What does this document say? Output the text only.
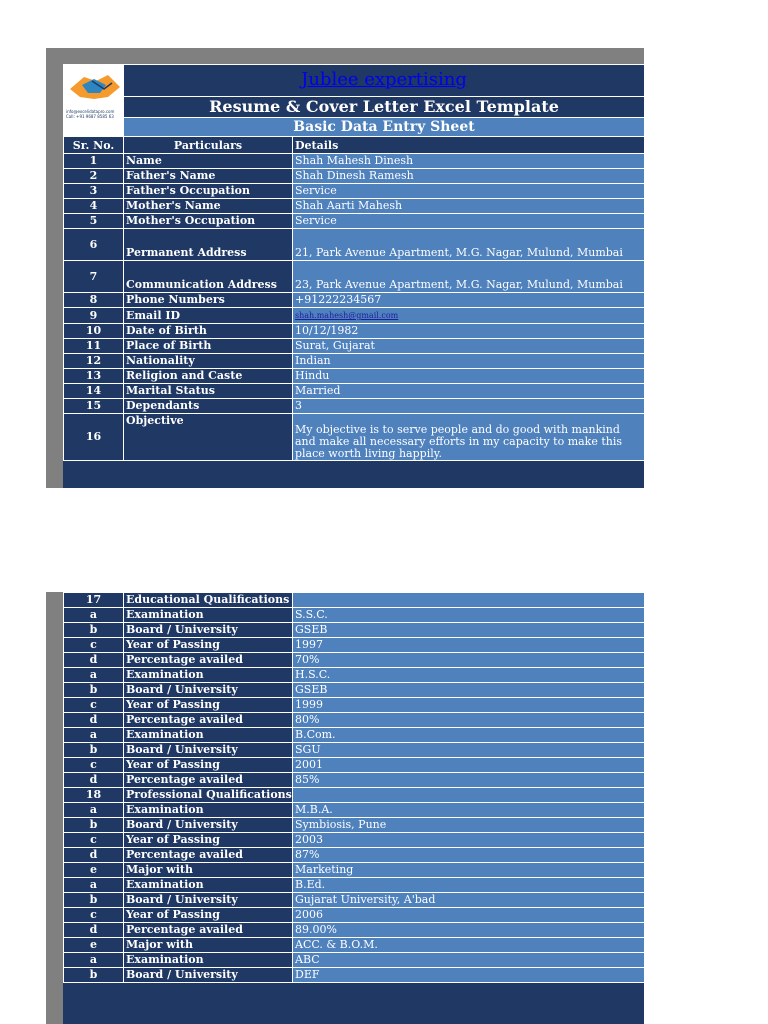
info@excelidatapro.com
Call: +91 9687 8585 63	Jublee expertising	
	Resume & Cover Letter Excel Template	
	Basic Data Entry Sheet	
Sr. No.	Particulars	Details
1	Name	Shah Mahesh Dinesh
2	Father's Name	Shah Dinesh Ramesh
3	Father's Occupation	Service
4	Mother's Name	Shah Aarti Mahesh
5	Mother's Occupation	Service
6	Permanent Address	21, Park Avenue Apartment, M.G. Nagar, Mulund, Mumbai
7	Communication Address	23, Park Avenue Apartment, M.G. Nagar, Mulund, Mumbai
8	Phone Numbers	+91222234567
9	Email ID	shah.mahesh@gmail.com
10	Date of Birth	10/12/1982
11	Place of Birth	Surat, Gujarat
12	Nationality	Indian
13	Religion and Caste	Hindu
14	Marital Status	Married
15	Dependants	3
16	Objective	My objective is to serve people and do good with mankind and make all necessary efforts in my capacity to make this place worth living happily.
17	Educational Qualifications	
a	Examination	S.S.C.
b	Board / University	GSEB
c	Year of Passing	1997
d	Percentage availed	70%
a	Examination	H.S.C.
b	Board / University	GSEB
c	Year of Passing	1999
d	Percentage availed	80%
a	Examination	B.Com.
b	Board / University	SGU
c	Year of Passing	2001
d	Percentage availed	85%
18	Professional Qualifications	
a	Examination	M.B.A.
b	Board / University	Symbiosis, Pune
c	Year of Passing	2003
d	Percentage availed	87%
e	Major with	Marketing
a	Examination	B.Ed.
b	Board / University	Gujarat University, A'bad
c	Year of Passing	2006
d	Percentage availed	89.00%
e	Major with	ACC. & B.O.M.
a	Examination	ABC
b	Board / University	DEF
